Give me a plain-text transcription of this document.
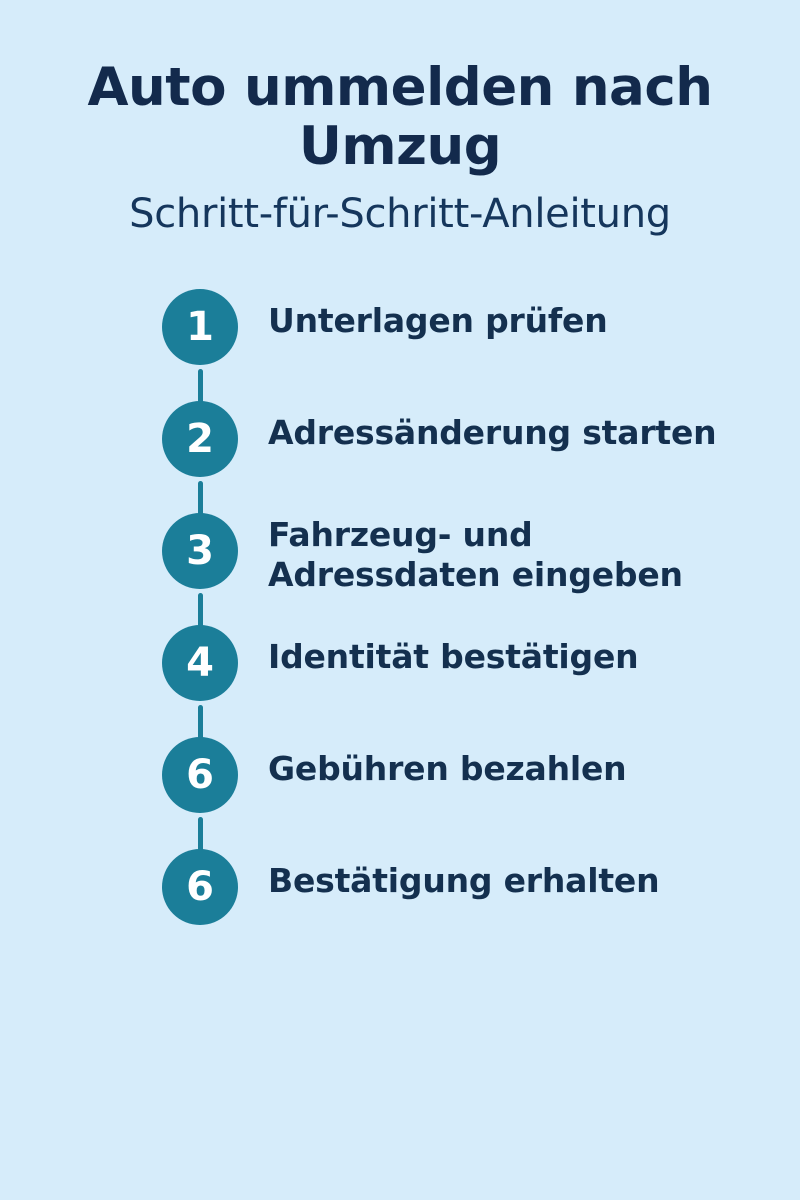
Auto ummelden nach Umzug
Schritt-für-Schritt-Anleitung
1	Unterlagen prüfen
2	Adressänderung starten
3	Fahrzeug- und Adressdaten eingeben
4	Identität bestätigen
6	Gebühren bezahlen
6	Bestätigung erhalten
